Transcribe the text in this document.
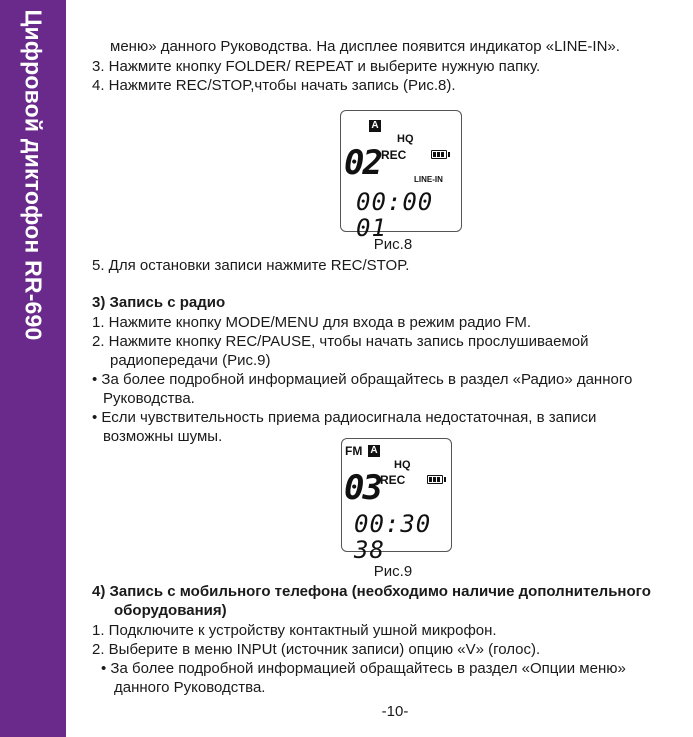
Цифровой диктофон RR-690	меню» данного Руководства. На дисплее появится индикатор «LINE-IN».
3. Нажмите кнопку FOLDER/ REPEAT и выберите нужную папку.
4. Нажмите REC/STOP,чтобы начать запись (Рис.8).
A
HQ
02 REC
LINE-IN
00:00 01
Рис.8
5. Для остановки записи нажмите REC/STOP.
3) Запись с радио
1. Нажмите кнопку MODE/MENU для входа в режим радио FM.
2. Нажмите кнопку REC/PAUSE, чтобы начать запись прослушиваемой
радиопередачи (Рис.9)
• За более подробной информацией обращайтесь в раздел «Радио» данного
Руководства.
• Если чувствительность приема радиосигнала недостаточная, в записи
возможны шумы.
FM A
HQ
03 REC
00:30 38
Рис.9
4) Запись с мобильного телефона (необходимо наличие дополнительного
оборудования)
1. Подключите к устройству контактный ушной микрофон.
2. Выберите в меню INPUt (источник записи) опцию «V» (голос).
• За более подробной информацией обращайтесь в раздел «Опции меню»
данного Руководства.
-10-
